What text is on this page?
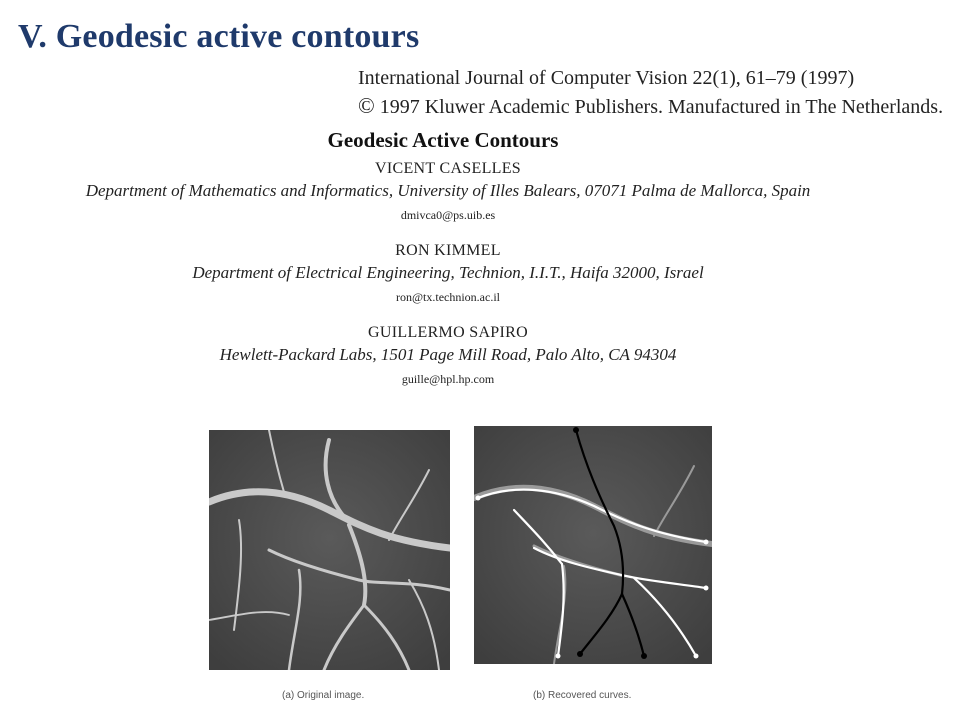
V. Geodesic active contours
International Journal of Computer Vision 22(1), 61–79 (1997)
© 1997 Kluwer Academic Publishers. Manufactured in The Netherlands.
Geodesic Active Contours
VICENT CASELLES
Department of Mathematics and Informatics, University of Illes Balears, 07071 Palma de Mallorca, Spain
dmivca0@ps.uib.es
RON KIMMEL
Department of Electrical Engineering, Technion, I.I.T., Haifa 32000, Israel
ron@tx.technion.ac.il
GUILLERMO SAPIRO
Hewlett-Packard Labs, 1501 Page Mill Road, Palo Alto, CA 94304
guille@hpl.hp.com
(a) Original image.	(b) Recovered curves.
